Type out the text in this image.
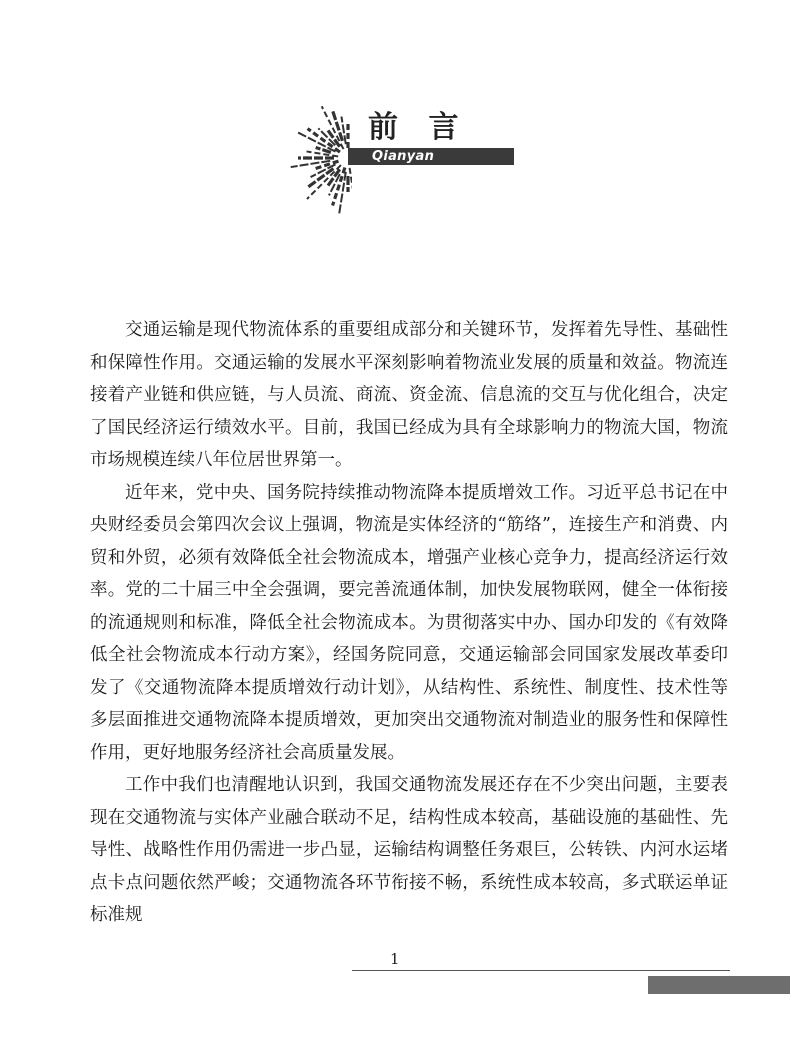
前 言
Qianyan

交通运输是现代物流体系的重要组成部分和关键环节，发挥着先导性、基础性和保障性作用。交通运输的发展水平深刻影响着物流业发展的质量和效益。物流连接着产业链和供应链，与人员流、商流、资金流、信息流的交互与优化组合，决定了国民经济运行绩效水平。目前，我国已经成为具有全球影响力的物流大国，物流市场规模连续八年位居世界第一。

近年来，党中央、国务院持续推动物流降本提质增效工作。习近平总书记在中央财经委员会第四次会议上强调，物流是实体经济的“筋络”，连接生产和消费、内贸和外贸，必须有效降低全社会物流成本，增强产业核心竞争力，提高经济运行效率。党的二十届三中全会强调，要完善流通体制，加快发展物联网，健全一体衔接的流通规则和标准，降低全社会物流成本。为贯彻落实中办、国办印发的《有效降低全社会物流成本行动方案》，经国务院同意，交通运输部会同国家发展改革委印发了《交通物流降本提质增效行动计划》，从结构性、系统性、制度性、技术性等多层面推进交通物流降本提质增效，更加突出交通物流对制造业的服务性和保障性作用，更好地服务经济社会高质量发展。

工作中我们也清醒地认识到，我国交通物流发展还存在不少突出问题，主要表现在交通物流与实体产业融合联动不足，结构性成本较高，基础设施的基础性、先导性、战略性作用仍需进一步凸显，运输结构调整任务艰巨，公转铁、内河水运堵点卡点问题依然严峻；交通物流各环节衔接不畅，系统性成本较高，多式联运单证标准规

1
